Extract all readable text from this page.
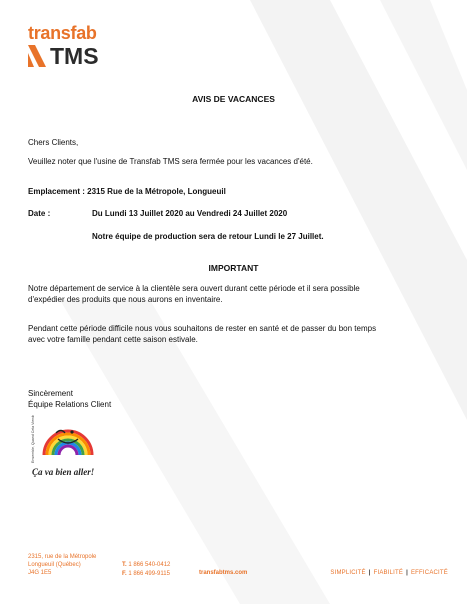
transfab
TMS
AVIS DE VACANCES
Chers Clients,
Veuillez noter que l'usine de Transfab TMS sera fermée pour les vacances d'été.
Emplacement : 2315 Rue de la Métropole, Longueuil
Date :	Du Lundi 13 Juillet 2020 au Vendredi 24 Juillet 2020
Notre équipe de production sera de retour Lundi le 27 Juillet.
IMPORTANT
Notre département de service à la clientèle sera ouvert durant cette période et il sera possible
d'expédier des produits que nous aurons en inventaire.
Pendant cette période difficile nous vous souhaitons de rester en santé et de passer du bon temps
avec votre famille pendant cette saison estivale.
Sincèrement
Équipe Relations Client
Ensemble, Quand Cela Viendra
Ça va bien aller!
2315, rue de la Métropole
Longueuil (Québec)
J4G 1E5
T. 1 866 540-0412
F. 1 866 499-9115	transfabtms.com	SIMPLICITÉ | FIABILITÉ | EFFICACITÉ
